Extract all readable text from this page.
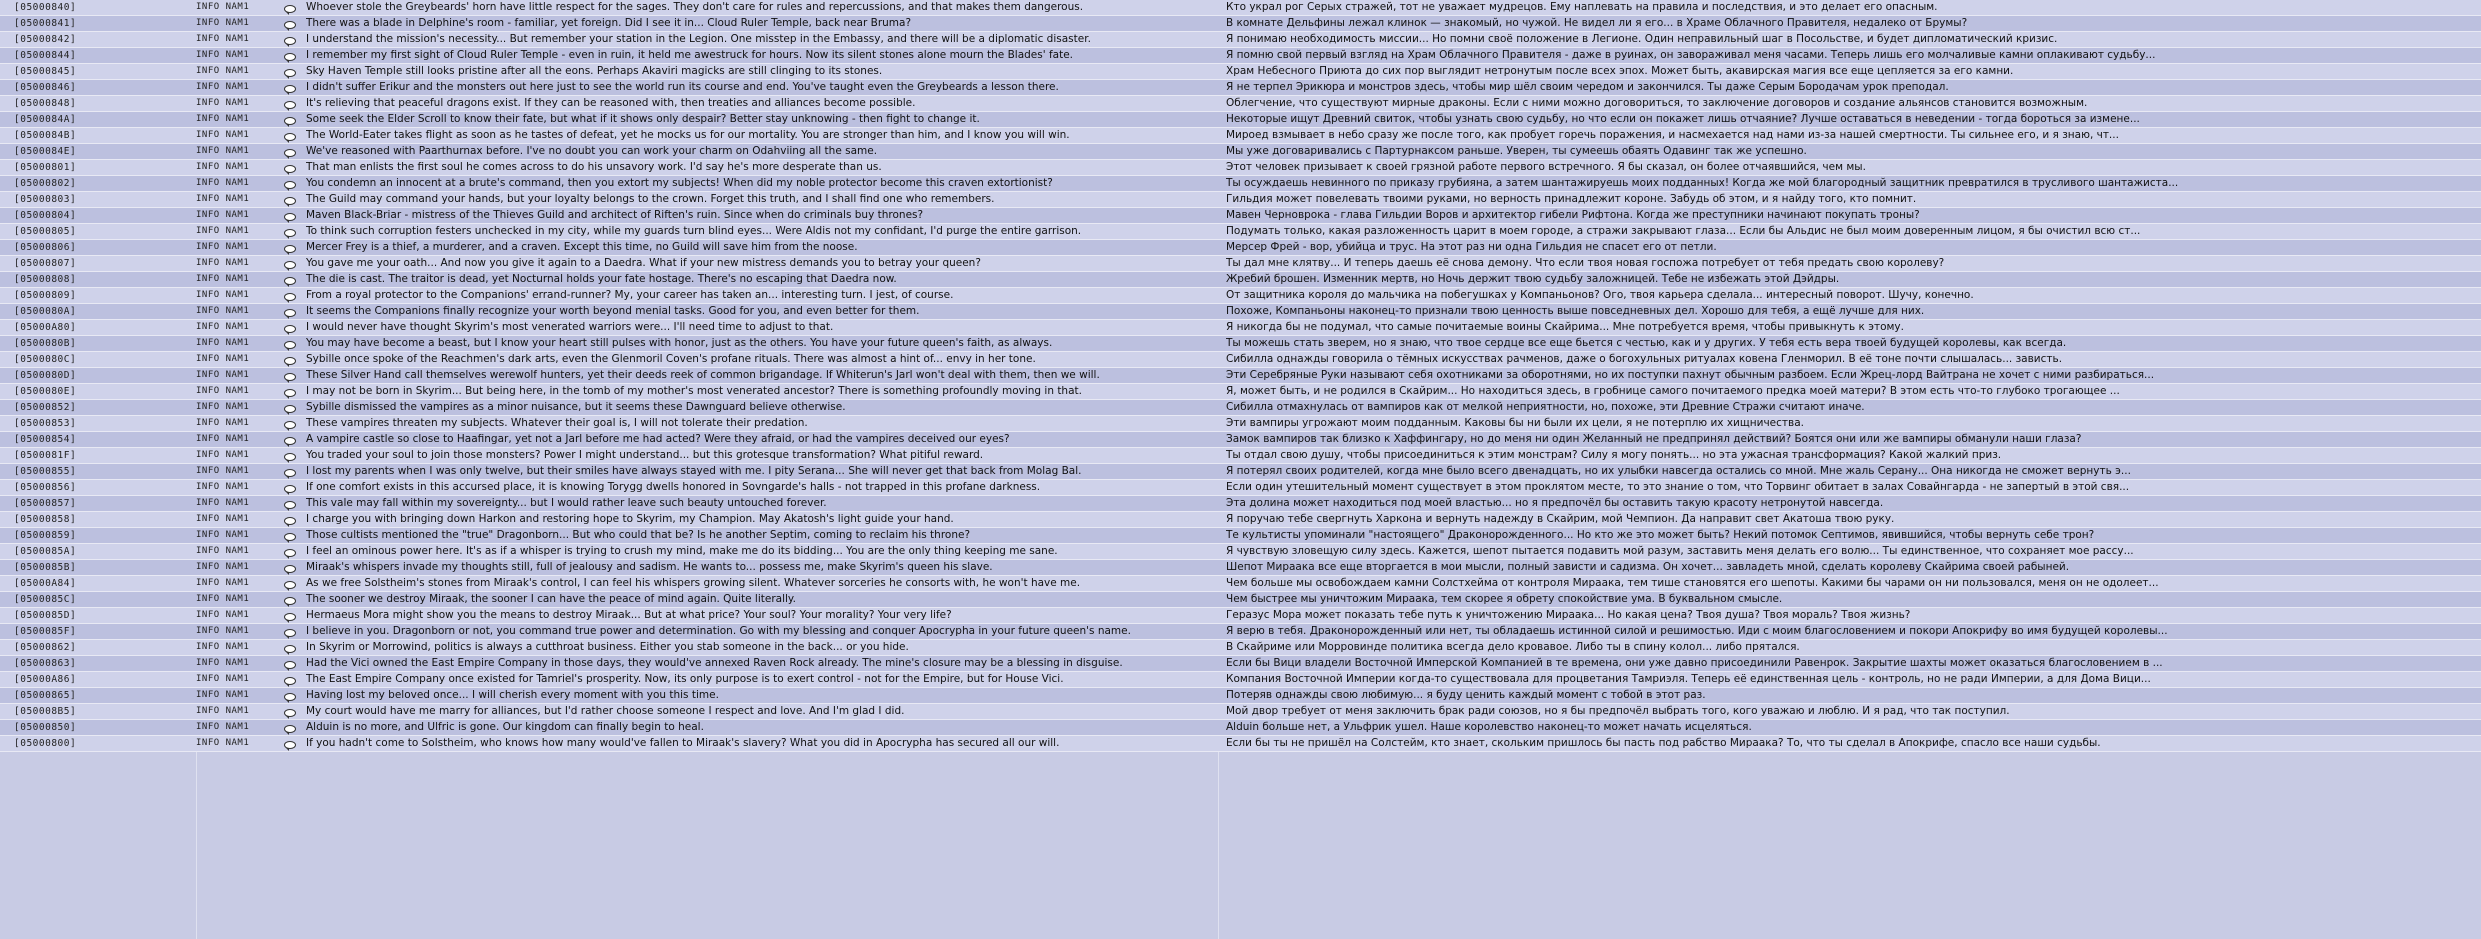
[05000840]	INFO NAM1	Whoever stole the Greybeards' horn have little respect for the sages. They don't care for rules and repercussions, and that makes them dangerous.	Кто украл рог Серых стражей, тот не уважает мудрецов. Ему наплевать на правила и последствия, и это делает его опасным.
[05000841]	INFO NAM1	There was a blade in Delphine's room - familiar, yet foreign. Did I see it in... Cloud Ruler Temple, back near Bruma?	В комнате Дельфины лежал клинок — знакомый, но чужой. Не видел ли я его... в Храме Облачного Правителя, недалеко от Брумы?
[05000842]	INFO NAM1	I understand the mission's necessity... But remember your station in the Legion. One misstep in the Embassy, and there will be a diplomatic disaster.	Я понимаю необходимость миссии... Но помни своё положение в Легионе. Один неправильный шаг в Посольстве, и будет дипломатический кризис.
[05000844]	INFO NAM1	I remember my first sight of Cloud Ruler Temple - even in ruin, it held me awestruck for hours. Now its silent stones alone mourn the Blades' fate.	Я помню свой первый взгляд на Храм Облачного Правителя - даже в руинах, он завораживал меня часами. Теперь лишь его молчаливые камни оплакивают судьбу...
[05000845]	INFO NAM1	Sky Haven Temple still looks pristine after all the eons. Perhaps Akaviri magicks are still clinging to its stones.	Храм Небесного Приюта до сих пор выглядит нетронутым после всех эпох. Может быть, акавирская магия все еще цепляется за его камни.
[05000846]	INFO NAM1	I didn't suffer Erikur and the monsters out here just to see the world run its course and end. You've taught even the Greybeards a lesson there.	Я не терпел Эрикюра и монстров здесь, чтобы мир шёл своим чередом и закончился. Ты даже Серым Бородачам урок преподал.
[05000848]	INFO NAM1	It's relieving that peaceful dragons exist. If they can be reasoned with, then treaties and alliances become possible.	Облегчение, что существуют мирные драконы. Если с ними можно договориться, то заключение договоров и создание альянсов становится возможным.
[0500084A]	INFO NAM1	Some seek the Elder Scroll to know their fate, but what if it shows only despair? Better stay unknowing - then fight to change it.	Некоторые ищут Древний свиток, чтобы узнать свою судьбу, но что если он покажет лишь отчаяние? Лучше оставаться в неведении - тогда бороться за измене...
[0500084B]	INFO NAM1	The World-Eater takes flight as soon as he tastes of defeat, yet he mocks us for our mortality. You are stronger than him, and I know you will win.	Мироед взмывает в небо сразу же после того, как пробует горечь поражения, и насмехается над нами из-за нашей смертности. Ты сильнее его, и я знаю, чт...
[0500084E]	INFO NAM1	We've reasoned with Paarthurnax before. I've no doubt you can work your charm on Odahviing all the same.	Мы уже договаривались с Партурнаксом раньше. Уверен, ты сумеешь обаять Одавинг так же успешно.
[05000801]	INFO NAM1	That man enlists the first soul he comes across to do his unsavory work. I'd say he's more desperate than us.	Этот человек призывает к своей грязной работе первого встречного. Я бы сказал, он более отчаявшийся, чем мы.
[05000802]	INFO NAM1	You condemn an innocent at a brute's command, then you extort my subjects! When did my noble protector become this craven extortionist?	Ты осуждаешь невинного по приказу грубияна, а затем шантажируешь моих подданных! Когда же мой благородный защитник превратился в трусливого шантажиста...
[05000803]	INFO NAM1	The Guild may command your hands, but your loyalty belongs to the crown. Forget this truth, and I shall find one who remembers.	Гильдия может повелевать твоими руками, но верность принадлежит короне. Забудь об этом, и я найду того, кто помнит.
[05000804]	INFO NAM1	Maven Black-Briar - mistress of the Thieves Guild and architect of Riften's ruin. Since when do criminals buy thrones?	Мавен Черноврока - глава Гильдии Воров и архитектор гибели Рифтона. Когда же преступники начинают покупать троны?
[05000805]	INFO NAM1	To think such corruption festers unchecked in my city, while my guards turn blind eyes... Were Aldis not my confidant, I'd purge the entire garrison.	Подумать только, какая разложенность царит в моем городе, а стражи закрывают глаза... Если бы Альдис не был моим доверенным лицом, я бы очистил всю ст...
[05000806]	INFO NAM1	Mercer Frey is a thief, a murderer, and a craven. Except this time, no Guild will save him from the noose.	Мерсер Фрей - вор, убийца и трус. На этот раз ни одна Гильдия не спасет его от петли.
[05000807]	INFO NAM1	You gave me your oath... And now you give it again to a Daedra. What if your new mistress demands you to betray your queen?	Ты дал мне клятву... И теперь даешь её снова демону. Что если твоя новая госпожа потребует от тебя предать свою королеву?
[05000808]	INFO NAM1	The die is cast. The traitor is dead, yet Nocturnal holds your fate hostage. There's no escaping that Daedra now.	Жребий брошен. Изменник мертв, но Ночь держит твою судьбу заложницей. Тебе не избежать этой Дэйдры.
[05000809]	INFO NAM1	From a royal protector to the Companions' errand-runner? My, your career has taken an... interesting turn. I jest, of course.	От защитника короля до мальчика на побегушках у Компаньонов? Ого, твоя карьера сделала... интересный поворот. Шучу, конечно.
[0500080A]	INFO NAM1	It seems the Companions finally recognize your worth beyond menial tasks. Good for you, and even better for them.	Похоже, Компаньоны наконец-то признали твою ценность выше повседневных дел. Хорошо для тебя, а ещё лучше для них.
[05000A80]	INFO NAM1	I would never have thought Skyrim's most venerated warriors were... I'll need time to adjust to that.	Я никогда бы не подумал, что самые почитаемые воины Скайрима... Мне потребуется время, чтобы привыкнуть к этому.
[0500080B]	INFO NAM1	You may have become a beast, but I know your heart still pulses with honor, just as the others. You have your future queen's faith, as always.	Ты можешь стать зверем, но я знаю, что твое сердце все еще бьется с честью, как и у других. У тебя есть вера твоей будущей королевы, как всегда.
[0500080C]	INFO NAM1	Sybille once spoke of the Reachmen's dark arts, even the Glenmoril Coven's profane rituals. There was almost a hint of... envy in her tone.	Сибилла однажды говорила о тёмных искусствах рачменов, даже о богохульных ритуалах ковена Гленморил. В её тоне почти слышалась... зависть.
[0500080D]	INFO NAM1	These Silver Hand call themselves werewolf hunters, yet their deeds reek of common brigandage. If Whiterun's Jarl won't deal with them, then we will.	Эти Серебряные Руки называют себя охотниками за оборотнями, но их поступки пахнут обычным разбоем. Если Жрец-лорд Вайтрана не хочет с ними разбираться...
[0500080E]	INFO NAM1	I may not be born in Skyrim... But being here, in the tomb of my mother's most venerated ancestor? There is something profoundly moving in that.	Я, может быть, и не родился в Скайрим... Но находиться здесь, в гробнице самого почитаемого предка моей матери? В этом есть что-то глубоко трогающее ...
[05000852]	INFO NAM1	Sybille dismissed the vampires as a minor nuisance, but it seems these Dawnguard believe otherwise.	Сибилла отмахнулась от вампиров как от мелкой неприятности, но, похоже, эти Древние Стражи считают иначе.
[05000853]	INFO NAM1	These vampires threaten my subjects. Whatever their goal is, I will not tolerate their predation.	Эти вампиры угрожают моим подданным. Каковы бы ни были их цели, я не потерплю их хищничества.
[05000854]	INFO NAM1	A vampire castle so close to Haafingar, yet not a Jarl before me had acted? Were they afraid, or had the vampires deceived our eyes?	Замок вампиров так близко к Хаффингару, но до меня ни один Желанный не предпринял действий? Боятся они или же вампиры обманули наши глаза?
[0500081F]	INFO NAM1	You traded your soul to join those monsters? Power I might understand... but this grotesque transformation? What pitiful reward.	Ты отдал свою душу, чтобы присоединиться к этим монстрам? Силу я могу понять... но эта ужасная трансформация? Какой жалкий приз.
[05000855]	INFO NAM1	I lost my parents when I was only twelve, but their smiles have always stayed with me. I pity Serana... She will never get that back from Molag Bal.	Я потерял своих родителей, когда мне было всего двенадцать, но их улыбки навсегда остались со мной. Мне жаль Серану... Она никогда не сможет вернуть э...
[05000856]	INFO NAM1	If one comfort exists in this accursed place, it is knowing Torygg dwells honored in Sovngarde's halls - not trapped in this profane darkness.	Если один утешительный момент существует в этом проклятом месте, то это знание о том, что Торвинг обитает в залах Совайнгарда - не запертый в этой свя...
[05000857]	INFO NAM1	This vale may fall within my sovereignty... but I would rather leave such beauty untouched forever.	Эта долина может находиться под моей властью... но я предпочёл бы оставить такую красоту нетронутой навсегда.
[05000858]	INFO NAM1	I charge you with bringing down Harkon and restoring hope to Skyrim, my Champion. May Akatosh's light guide your hand.	Я поручаю тебе свергнуть Харкона и вернуть надежду в Скайрим, мой Чемпион. Да направит свет Акатоша твою руку.
[05000859]	INFO NAM1	Those cultists mentioned the "true" Dragonborn... But who could that be? Is he another Septim, coming to reclaim his throne?	Те культисты упоминали "настоящего" Драконорожденного... Но кто же это может быть? Некий потомок Септимов, явившийся, чтобы вернуть себе трон?
[0500085A]	INFO NAM1	I feel an ominous power here. It's as if a whisper is trying to crush my mind, make me do its bidding... You are the only thing keeping me sane.	Я чувствую зловещую силу здесь. Кажется, шепот пытается подавить мой разум, заставить меня делать его волю... Ты единственное, что сохраняет мое рассу...
[0500085B]	INFO NAM1	Miraak's whispers invade my thoughts still, full of jealousy and sadism. He wants to... possess me, make Skyrim's queen his slave.	Шепот Мираака все еще вторгается в мои мысли, полный зависти и садизма. Он хочет... завладеть мной, сделать королеву Скайрима своей рабыней.
[05000A84]	INFO NAM1	As we free Solstheim's stones from Miraak's control, I can feel his whispers growing silent. Whatever sorceries he consorts with, he won't have me.	Чем больше мы освобождаем камни Солстхейма от контроля Мираака, тем тише становятся его шепоты. Какими бы чарами он ни пользовался, меня он не одолеет...
[0500085C]	INFO NAM1	The sooner we destroy Miraak, the sooner I can have the peace of mind again. Quite literally.	Чем быстрее мы уничтожим Мираака, тем скорее я обрету спокойствие ума. В буквальном смысле.
[0500085D]	INFO NAM1	Hermaeus Mora might show you the means to destroy Miraak... But at what price? Your soul? Your morality? Your very life?	Геразус Мора может показать тебе путь к уничтожению Мираака... Но какая цена? Твоя душа? Твоя мораль? Твоя жизнь?
[0500085F]	INFO NAM1	I believe in you. Dragonborn or not, you command true power and determination. Go with my blessing and conquer Apocrypha in your future queen's name.	Я верю в тебя. Драконорожденный или нет, ты обладаешь истинной силой и решимостью. Иди с моим благословением и покори Апокрифу во имя будущей королевы...
[05000862]	INFO NAM1	In Skyrim or Morrowind, politics is always a cutthroat business. Either you stab someone in the back... or you hide.	В Скайриме или Морровинде политика всегда дело кровавое. Либо ты в спину колол... либо прятался.
[05000863]	INFO NAM1	Had the Vici owned the East Empire Company in those days, they would've annexed Raven Rock already. The mine's closure may be a blessing in disguise.	Если бы Вици владели Восточной Имперской Компанией в те времена, они уже давно присоединили Равенрок. Закрытие шахты может оказаться благословением в ...
[05000A86]	INFO NAM1	The East Empire Company once existed for Tamriel's prosperity. Now, its only purpose is to exert control - not for the Empire, but for House Vici.	Компания Восточной Империи когда-то существовала для процветания Тамриэля. Теперь её единственная цель - контроль, но не ради Империи, а для Дома Вици...
[05000865]	INFO NAM1	Having lost my beloved once... I will cherish every moment with you this time.	Потеряв однажды свою любимую... я буду ценить каждый момент с тобой в этот раз.
[050008B5]	INFO NAM1	My court would have me marry for alliances, but I'd rather choose someone I respect and love. And I'm glad I did.	Мой двор требует от меня заключить брак ради союзов, но я бы предпочёл выбрать того, кого уважаю и люблю. И я рад, что так поступил.
[05000850]	INFO NAM1	Alduin is no more, and Ulfric is gone. Our kingdom can finally begin to heal.	Alduin больше нет, а Ульфрик ушел. Наше королевство наконец-то может начать исцеляться.
[05000800]	INFO NAM1	If you hadn't come to Solstheim, who knows how many would've fallen to Miraak's slavery? What you did in Apocrypha has secured all our will.	Если бы ты не пришёл на Солстейм, кто знает, скольким пришлось бы пасть под рабство Мираака? То, что ты сделал в Апокрифе, спасло все наши судьбы.
